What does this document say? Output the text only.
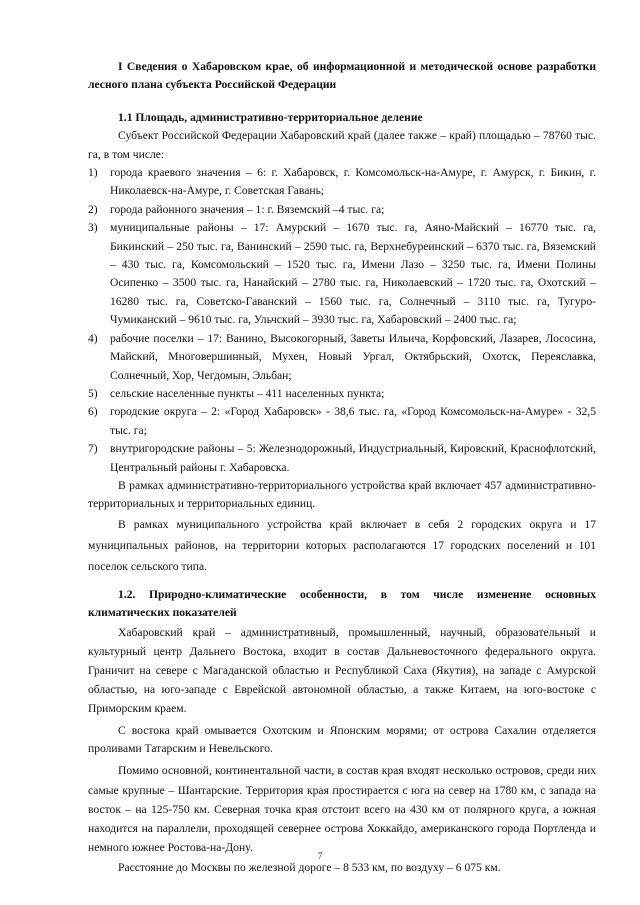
I Сведения о Хабаровском крае, об информационной и методической основе разработки лесного плана субъекта Российской Федерации

1.1 Площадь, административно-территориальное деление

Субъект Российской Федерации Хабаровский край (далее также – край) площадью – 78760 тыс. га, в том числе:

1) города краевого значения – 6: г. Хабаровск, г. Комсомольск-на-Амуре, г. Амурск, г. Бикин, г. Николаевск-на-Амуре, г. Советская Гавань;
2) города районного значения – 1: г. Вяземский –4 тыс. га;
3) муниципальные районы – 17: Амурский – 1670 тыс. га, Аяно-Майский – 16770 тыс. га, Бикинский – 250 тыс. га, Ванинский – 2590 тыс. га, Верхнебуреинский – 6370 тыс. га, Вяземский – 430 тыс. га, Комсомольский – 1520 тыс. га, Имени Лазо – 3250 тыс. га, Имени Полины Осипенко – 3500 тыс. га, Нанайский – 2780 тыс. га, Николаевский – 1720 тыс. га, Охотский – 16280 тыс. га, Советско-Гаванский – 1560 тыс. га, Солнечный – 3110 тыс. га, Тугуро-Чумиканский – 9610 тыс. га, Ульчский – 3930 тыс. га, Хабаровский – 2400 тыс. га;
4) рабочие поселки – 17: Ванино, Высокогорный, Заветы Ильича, Корфовский, Лазарев, Лососина, Майский, Многовершинный, Мухен, Новый Ургал, Октябрьский, Охотск, Переяславка, Солнечный, Хор, Чегдомын, Эльбан;
5) сельские населенные пункты – 411 населенных пункта;
6) городские округа – 2: «Город Хабаровск» - 38,6 тыс. га, «Город Комсомольск-на-Амуре» - 32,5 тыс. га;
7) внутригородские районы – 5: Железнодорожный, Индустриальный, Кировский, Краснофлотский, Центральный районы г. Хабаровска.

В рамках административно-территориального устройства край включает 457 административно-территориальных и территориальных единиц.

В рамках муниципального устройства край включает в себя 2 городских округа и 17 муниципальных районов, на территории которых располагаются 17 городских поселений и 101 поселок сельского типа.

1.2. Природно-климатические особенности, в том числе изменение основных климатических показателей

Хабаровский край – административный, промышленный, научный, образовательный и культурный центр Дальнего Востока, входит в состав Дальневосточного федерального округа. Граничит на севере с Магаданской областью и Республикой Саха (Якутия), на западе с Амурской областью, на юго-западе с Еврейской автономной областью, а также Китаем, на юго-востоке с Приморским краем.

С востока край омывается Охотским и Японским морями; от острова Сахалин отделяется проливами Татарским и Невельского.

Помимо основной, континентальной части, в состав края входят несколько островов, среди них самые крупные – Шантарские. Территория края простирается с юга на север на 1780 км, с запада на восток – на 125-750 км. Северная точка края отстоит всего на 430 км от полярного круга, а южная находится на параллели, проходящей севернее острова Хоккайдо, американского города Портленда и немного южнее Ростова-на-Дону.

Расстояние до Москвы по железной дороге – 8 533 км, по воздуху – 6 075 км.

7
